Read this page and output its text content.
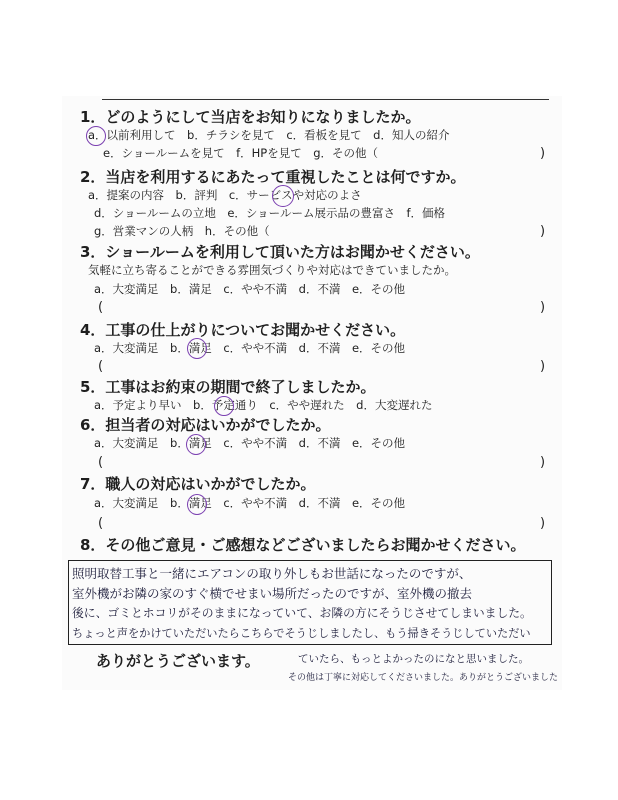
1．どのようにして当店をお知りになりましたか。
a．以前利用して　b．チラシを見て　c．看板を見て　d．知人の紹介
e．ショールームを見て　f．HPを見て　g．その他（	)
2．当店を利用するにあたって重視したことは何ですか。
a．提案の内容　b．評判　c．サービスや対応のよさ
d．ショールームの立地　e．ショールーム展示品の豊富さ　f．価格
g．営業マンの人柄　h．その他（	)
3．ショールームを利用して頂いた方はお聞かせください。
気軽に立ち寄ることができる雰囲気づくりや対応はできていましたか。
a．大変満足　b．満足　c．やや不満　d．不満　e．その他
(	)
4．工事の仕上がりについてお聞かせください。
a．大変満足　b．満足　c．やや不満　d．不満　e．その他
(	)
5．工事はお約束の期間で終了しましたか。
a．予定より早い　b．予定通り　c．やや遅れた　d．大変遅れた
6．担当者の対応はいかがでしたか。
a．大変満足　b．満足　c．やや不満　d．不満　e．その他
(	)
7．職人の対応はいかがでしたか。
a．大変満足　b．満足　c．やや不満　d．不満　e．その他
(	)
8．その他ご意見・ご感想などございましたらお聞かせください。
照明取替工事と一緒にエアコンの取り外しもお世話になったのですが、
室外機がお隣の家のすぐ横でせまい場所だったのですが、室外機の撤去
後に、ゴミとホコリがそのままになっていて、お隣の方にそうじさせてしまいました。
ちょっと声をかけていただいたらこちらでそうじしましたし、もう掃きそうじしていただい
ありがとうございます。	ていたら、もっとよかったのになと思いました。
その他は丁寧に対応してくださいました。ありがとうございました
